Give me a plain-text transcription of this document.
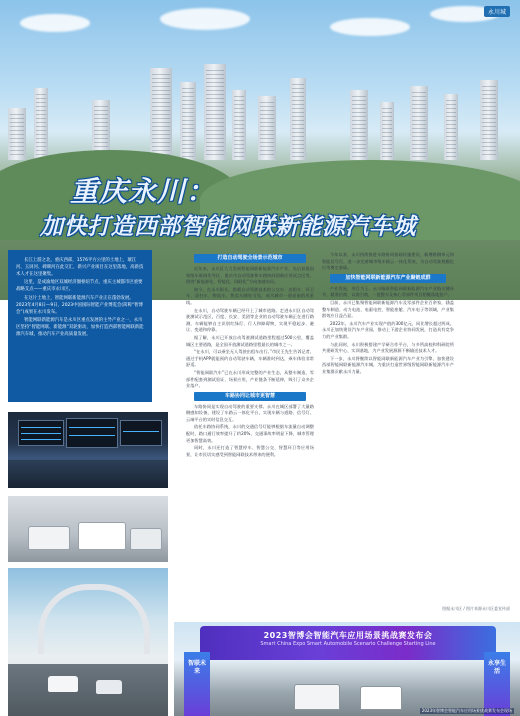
永川城
重庆永川：
加快打造西部智能网联新能源汽车城

长江上游之北，重庆西部，1576平方公里的土地上，璀江河、玉屏河、碑碑河在此交汇，新兴产业项目在这里落地，高新技术人才在这里聚集。

这里，是成渝地区双城经济圈枢纽节点，重庆主城都市区重要战略支点——重庆市永川区。

在这片土地上，智能网联新能源汽车产业正在蓬勃发展。2023年4月8日—9日，2023中国国际智能产业博览会(简称“智博会”)成果在永川发布。

智能网联新能源汽车是永川区重点发展的主导产业之一，永川区坚持“智能网联、新能源”双轮驱动，加快打造西部智能网联新能源汽车城，推动汽车产业高质量发展。

打造自动驾驶全场景示范城市

近年来，永川区大力发展智能网联新能源汽车产业，先后获批国家级车联网先导区、重庆市自动驾驶和车路协同创新应用试点区等，围绕“新能源化、智能化、网联化”方向加速布局。

如今，在永川街头，搭载自动驾驶技术的公交车、出租车、环卫车、清扫车、物流车、售卖车随处可见，成为城市一道亮丽的风景线。

在永川，自动驾驶车辆已经开上了城市道路。走进永川区自动驾驶测试示范区，百度、长安、美团等企业的自动驾驶车辆正在进行路测，车辆能够自主识别红绿灯、行人和障碍物，实现平稳起步、避让、变道和停靠。

据了解，永川已开放自动驾驶测试道路里程超过500公里，覆盖城区主要道路，是全国开放测试道路里程最长的城市之一。

“在永川，可以乘坐无人驾驶出租车出行。”市民王先生告诉记者，通过手机APP就能预约自动驾驶车辆，车辆准时到达，乘车体验非常舒适。

“智能网联汽车”已在永川形成完整的产业生态，从整车制造、零部件配套到测试验证、场景应用，产业链条不断延伸，吸引了众多企业落户。

车路协同让城市更智慧

车路协同是实现自动驾驶的重要支撑。永川在城区部署了大量路侧感知设备，建设了车路云一体化平台，实现车辆与道路、信号灯、云端平台的实时信息交互。

依托车路协同系统，永川的交通信号灯能够根据车流量自动调整配时，路口通行效率提升了约20%，交通事故率明显下降，城市管理更加智慧高效。

同时，永川还打造了智慧停车、智慧公交、智慧环卫等应用场景，让市民切实感受到智能网联技术带来的便利。

今年以来，永川持续推进车路协同基础设施建设，新增路侧单元和智能信号灯，进一步完善城市级车路云一体化系统，为自动驾驶规模化应用奠定基础。

加快智能网联新能源汽车产业聚链成群

产业发展，项目为王。永川瞄准智能网联新能源汽车产业链关键环节，精准招商、以商引商，一批整车及核心零部件项目相继落地投产。

目前，永川已集聚智能网联新能源汽车及零部件企业百余家，涵盖整车制造、动力电池、电驱电控、智能座舱、汽车电子等领域，产业集群效应日益凸显。

2022年，永川汽车产业实现产值约300亿元，同比增长超过两成。永川正加快建设汽车产业园，推动上下游企业协同发展，打造具有竞争力的产业集群。

与此同时，永川积极搭建产学研合作平台，与多所高校和科研院所共建研发中心、实训基地，为产业发展源源不断输送技术人才。

下一步，永川将继续以智能网联新能源汽车产业为引擎，加快建设西部智能网联新能源汽车城，为重庆打造世界级智能网联新能源汽车产业集群贡献永川力量。

图据永川区 / 图片来源永川区委宣传部
2023智博会智能汽车应用场景挑战赛发布会
Smart China Expo Smart Automobile Scenario Challenge Starting Line
智联未来
永享生活
2023年智博会智能汽车应用场景挑战赛发布会现场
